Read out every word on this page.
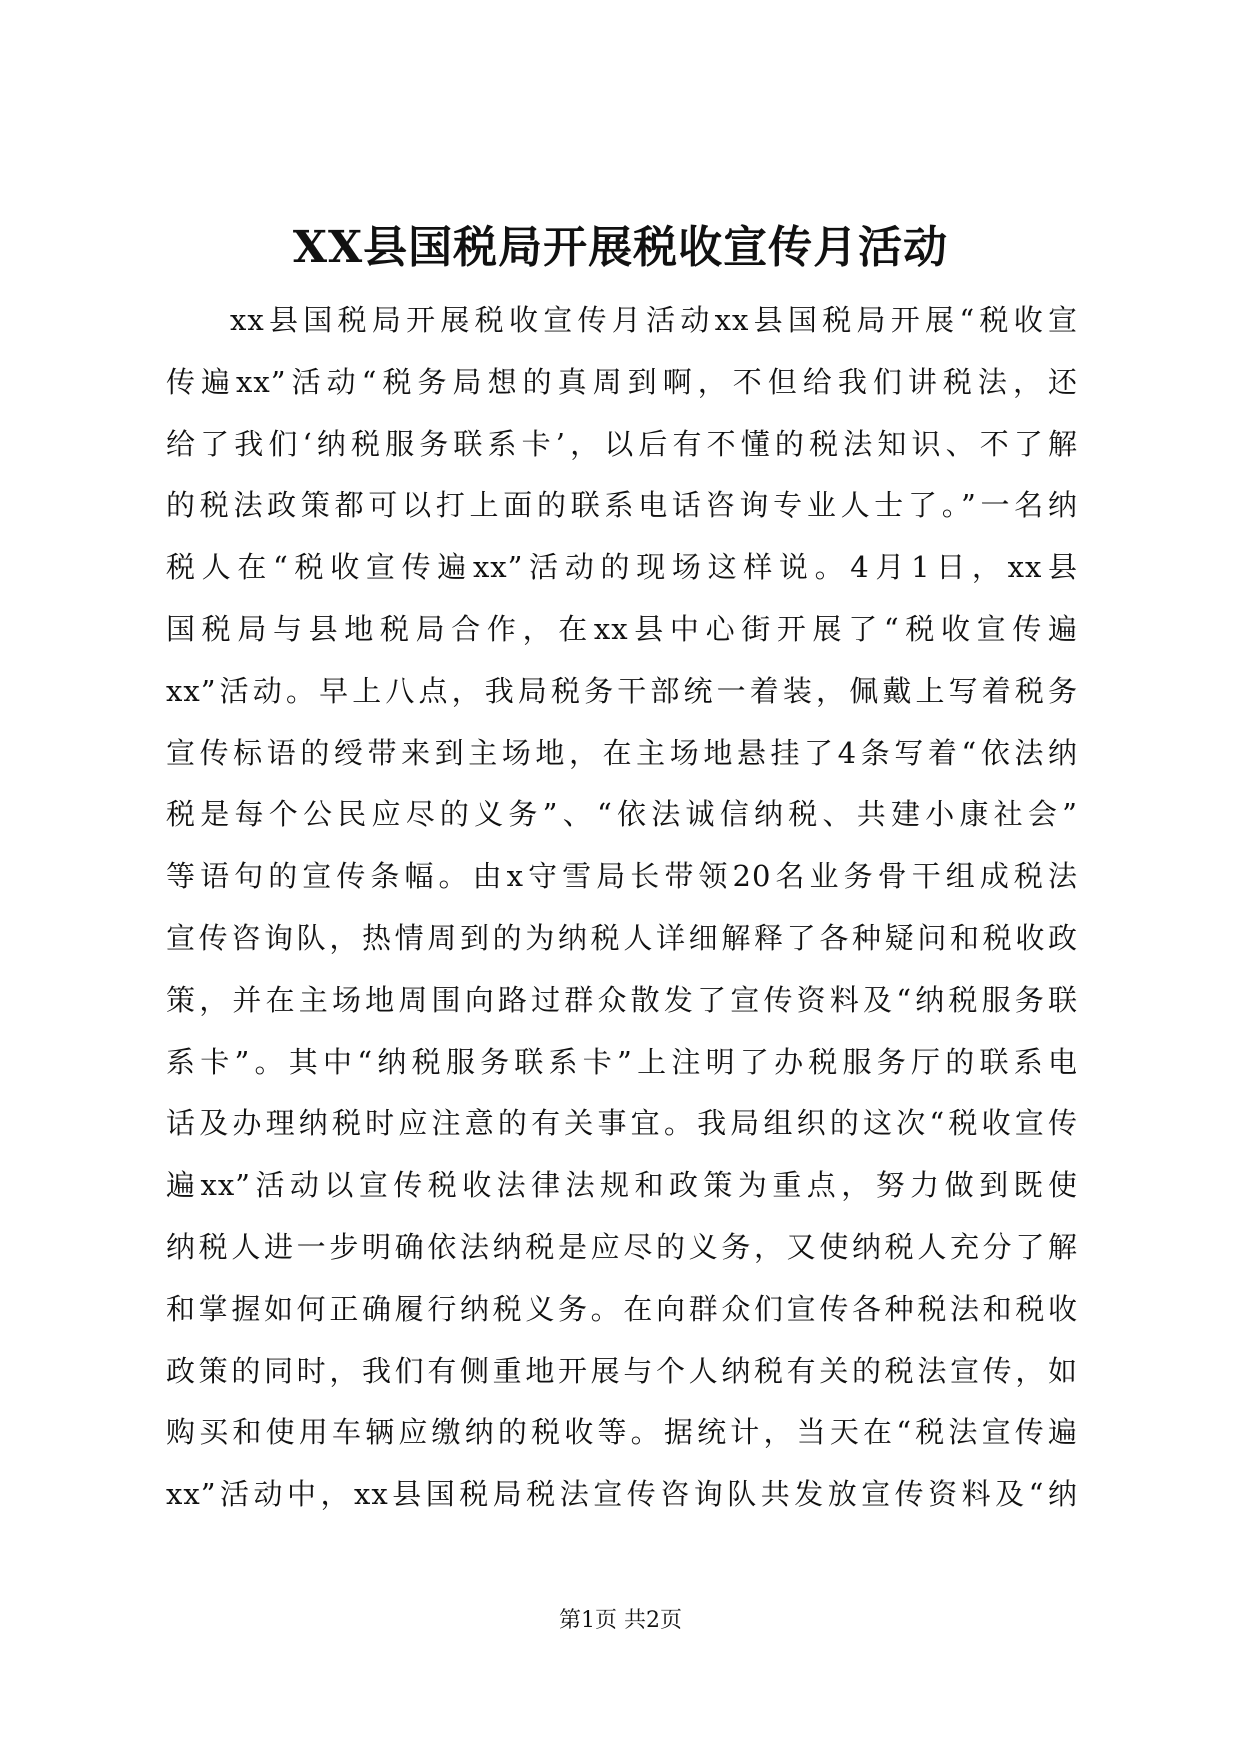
XX县国税局开展税收宣传月活动
xx县国税局开展税收宣传月活动xx县国税局开展“税收宣
传遍xx”活动“税务局想的真周到啊，不但给我们讲税法，还
给了我们‘纳税服务联系卡’，以后有不懂的税法知识、不了解
的税法政策都可以打上面的联系电话咨询专业人士了。”一名纳
税人在“税收宣传遍xx”活动的现场这样说。4月1日，xx县
国税局与县地税局合作，在xx县中心街开展了“税收宣传遍
xx”活动。早上八点，我局税务干部统一着装，佩戴上写着税务
宣传标语的绶带来到主场地，在主场地悬挂了4条写着“依法纳
税是每个公民应尽的义务”、“依法诚信纳税、共建小康社会”
等语句的宣传条幅。由x守雪局长带领20名业务骨干组成税法
宣传咨询队，热情周到的为纳税人详细解释了各种疑问和税收政
策，并在主场地周围向路过群众散发了宣传资料及“纳税服务联
系卡”。其中“纳税服务联系卡”上注明了办税服务厅的联系电
话及办理纳税时应注意的有关事宜。我局组织的这次“税收宣传
遍xx”活动以宣传税收法律法规和政策为重点，努力做到既使
纳税人进一步明确依法纳税是应尽的义务，又使纳税人充分了解
和掌握如何正确履行纳税义务。在向群众们宣传各种税法和税收
政策的同时，我们有侧重地开展与个人纳税有关的税法宣传，如
购买和使用车辆应缴纳的税收等。据统计，当天在“税法宣传遍
xx”活动中，xx县国税局税法宣传咨询队共发放宣传资料及“纳
第1页 共2页
